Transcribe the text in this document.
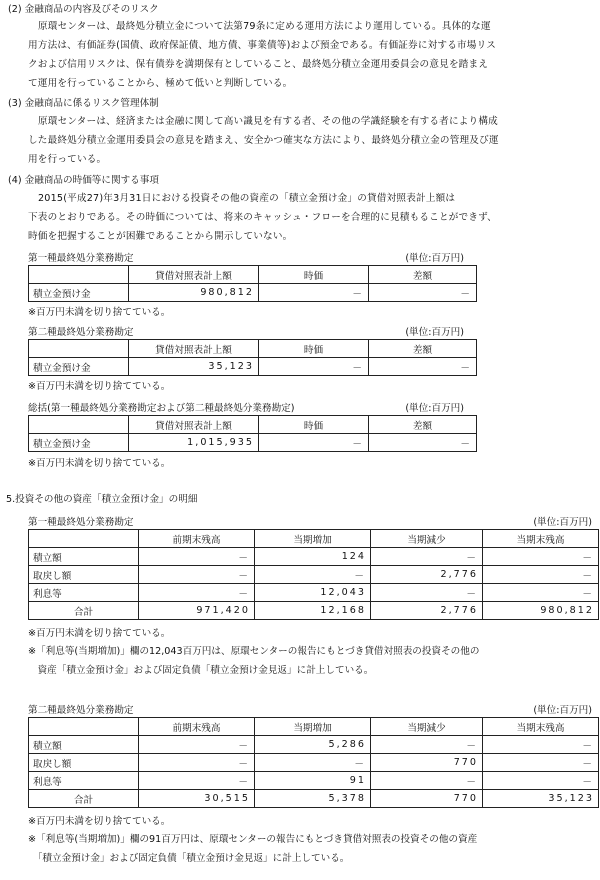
(2) 金融商品の内容及びそのリスク
原環センターは、最終処分積立金について法第79条に定める運用方法により運用している。具体的な運
用方法は、有価証券(国債、政府保証債、地方債、事業債等)および預金である。有価証券に対する市場リス
クおよび信用リスクは、保有債券を満期保有としていること、最終処分積立金運用委員会の意見を踏まえ
て運用を行っていることから、極めて低いと判断している。
(3) 金融商品に係るリスク管理体制
原環センターは、経済または金融に関して高い識見を有する者、その他の学識経験を有する者により構成
した最終処分積立金運用委員会の意見を踏まえ、安全かつ確実な方法により、最終処分積立金の管理及び運
用を行っている。
(4) 金融商品の時価等に関する事項
2015(平成27)年3月31日における投資その他の資産の「積立金預け金」の貸借対照表計上額は
下表のとおりである。その時価については、将来のキャッシュ・フローを合理的に見積もることができず、
時価を把握することが困難であることから開示していない。
第一種最終処分業務勘定	(単位:百万円)
	貸借対照表計上額	時価	差額
積立金預け金	980,812	－	－
※百万円未満を切り捨てている。
第二種最終処分業務勘定	(単位:百万円)
	貸借対照表計上額	時価	差額
積立金預け金	35,123	－	－
※百万円未満を切り捨てている。
総括(第一種最終処分業務勘定および第二種最終処分業務勘定)	(単位:百万円)
	貸借対照表計上額	時価	差額
積立金預け金	1,015,935	－	－
※百万円未満を切り捨てている。
5.投資その他の資産「積立金預け金」の明細
第一種最終処分業務勘定	(単位:百万円)
	前期末残高	当期増加	当期減少	当期末残高
積立額	－	124	－	－
取戻し額	－	－	2,776	－
利息等	－	12,043	－	－
合計	971,420	12,168	2,776	980,812
※百万円未満を切り捨てている。
※「利息等(当期増加)」欄の12,043百万円は、原環センターの報告にもとづき貸借対照表の投資その他の
　資産「積立金預け金」および固定負債「積立金預け金見返」に計上している。
第二種最終処分業務勘定	(単位:百万円)
	前期末残高	当期増加	当期減少	当期末残高
積立額	－	5,286	－	－
取戻し額	－	－	770	－
利息等	－	91	－	－
合計	30,515	5,378	770	35,123
※百万円未満を切り捨てている。
※「利息等(当期増加)」欄の91百万円は、原環センターの報告にもとづき貸借対照表の投資その他の資産
　「積立金預け金」および固定負債「積立金預け金見返」に計上している。
